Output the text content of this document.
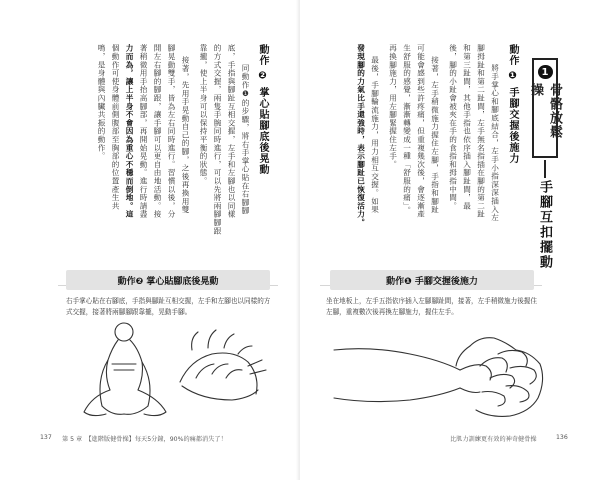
動作 ❷ 掌心貼腳底後晃動
同動作❶的步驟，將右手掌心貼在右腳腳
底，手指與腳趾互相交握，左手和左腳也以同樣
的方式交握，兩隻手腕同時進行，可以先將兩腳腳跟
靠攏，使上半身可以保持平衡的狀態。
接著，先用手晃動自己的腳，之後再換用雙
腳晃動雙手，皆為左右同時進行。習慣以後，分
開左右腳的腳跟，讓手腳可以更自由地活動。接
著稍微用手抬高腳部，再開始晃動。進行時請盡
力而為，讓上半身不會因為重心不穩而倒地。這
個動作可使身體前側腹部至胸部的位置產生共
鳴，是身體與內臟共振的動作。
動作❷ 掌心貼腳底後晃動
右手掌心貼在右腳底，手指與腳趾互相交握，左手和左腳也以同樣的方式交握，接著將兩腳腳跟靠攏，晃動手腳。
137 第 5 章　【進階版健骨操】每天5分鐘，90%的痛都消失了！
1
骨骼放鬆操
手腳互扣擺動
動作 ❶ 手腳交握後施力
將手掌心和腳底結合，左手小指深深插入左
腳拇趾和第二趾間，左手無名指插在腳的第二趾
和第三趾間，其他手指也依序插入腳趾間，最
後，腳的小趾會被夾在手的食指和拇指中間。
接著，左手稍微施力握住左腳，手指和腳趾
可能會感到些許疼痛，但重複幾次後，會逐漸產
生舒服的感覺，漸漸轉變成一種「舒服的痛」。
再換腳施力，用左腳緊握住左手。
最後，手腳輪流施力，用力相互交握。如果
發現腳的力氣比手還強時，表示腳趾已恢復活力。
動作❶ 手腳交握後施力
坐在地板上，左手五指依序插入左腳腳趾間，接著，左手稍微施力後握住左腳，重複數次後再換左腳施力，握住左手。
比肌力訓練更有效的神奇健骨操	136
